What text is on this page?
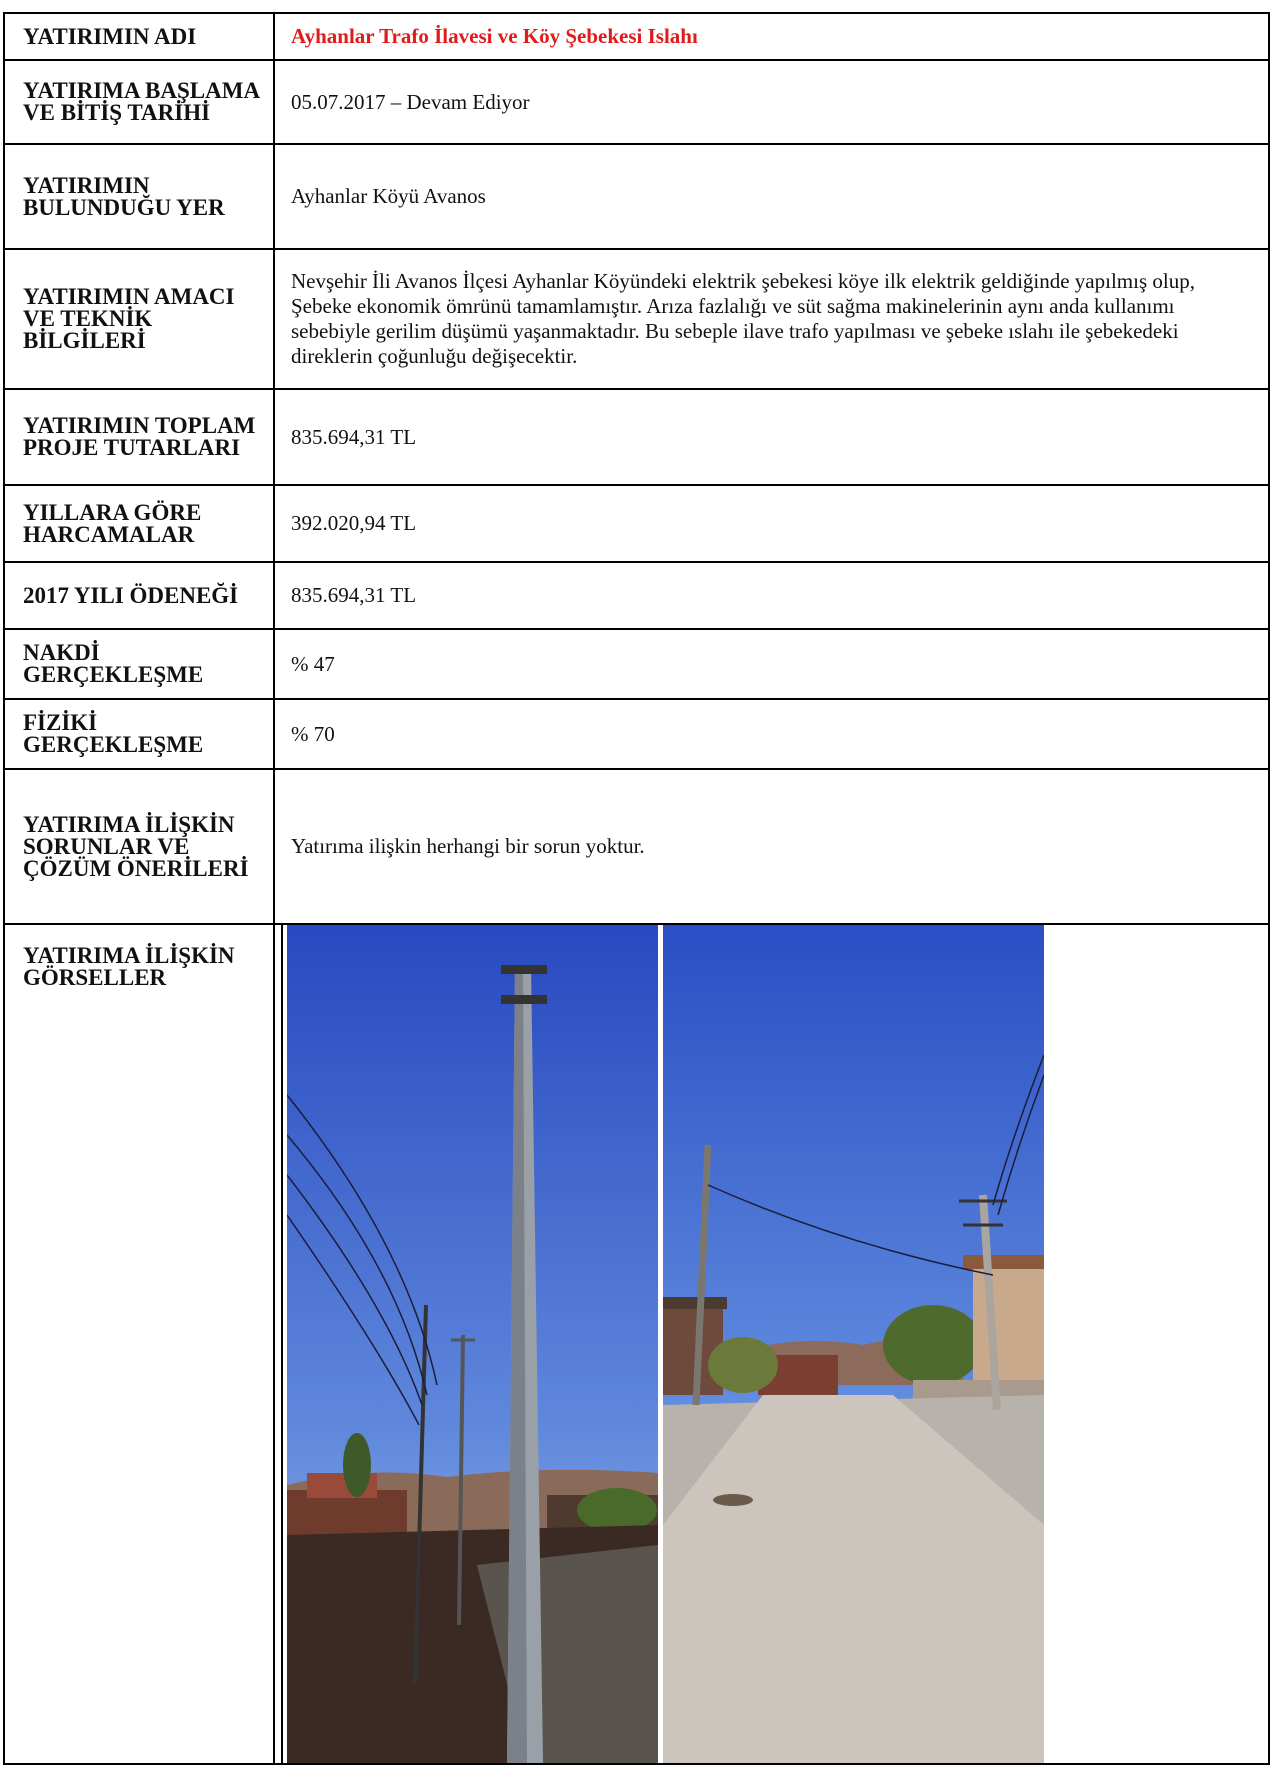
YATIRIMIN ADI	Ayhanlar Trafo İlavesi ve Köy Şebekesi Islahı
YATIRIMA BAŞLAMA VE BİTİŞ TARİHİ	05.07.2017 – Devam Ediyor
YATIRIMIN BULUNDUĞU YER	Ayhanlar Köyü Avanos
YATIRIMIN AMACI VE TEKNİK BİLGİLERİ	Nevşehir İli Avanos İlçesi Ayhanlar Köyündeki elektrik şebekesi köye ilk elektrik geldiğinde yapılmış olup, Şebeke ekonomik ömrünü tamamlamıştır. Arıza fazlalığı ve süt sağma makinelerinin aynı anda kullanımı sebebiyle gerilim düşümü yaşanmaktadır. Bu sebeple ilave trafo yapılması ve şebeke ıslahı ile şebekedeki direklerin çoğunluğu değişecektir.
YATIRIMIN TOPLAM PROJE TUTARLARI	835.694,31 TL
YILLARA GÖRE HARCAMALAR	392.020,94 TL
2017 YILI ÖDENEĞİ	835.694,31 TL
NAKDİ GERÇEKLEŞME	% 47
FİZİKİ GERÇEKLEŞME	% 70
YATIRIMA İLİŞKİN SORUNLAR VE ÇÖZÜM ÖNERİLERİ	Yatırıma ilişkin herhangi bir sorun yoktur.
YATIRIMA İLİŞKİN GÖRSELLER	
